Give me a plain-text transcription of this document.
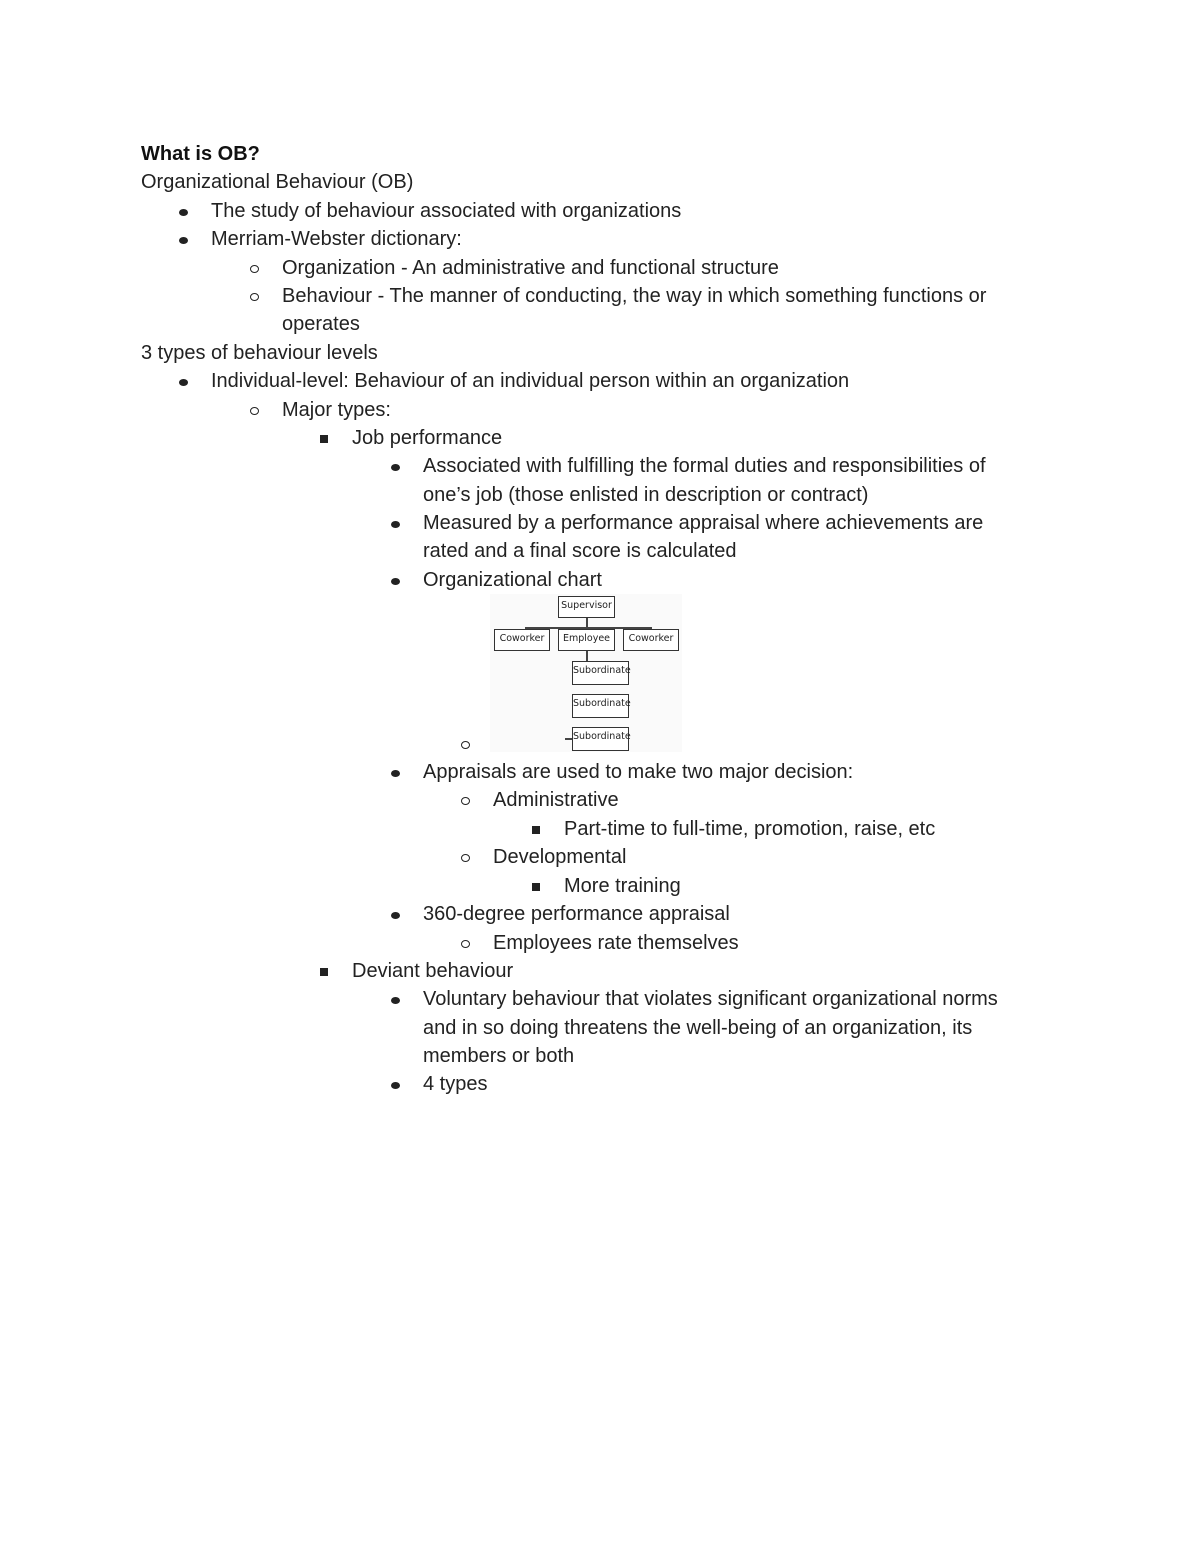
What is OB?
Organizational Behaviour (OB)
The study of behaviour associated with organizations
Merriam-Webster dictionary:
Organization - An administrative and functional structure
Behaviour - The manner of conducting, the way in which something functions or
operates
3 types of behaviour levels
Individual-level: Behaviour of an individual person within an organization
Major types:
Job performance
Associated with fulfilling the formal duties and responsibilities of
one’s job (those enlisted in description or contract)
Measured by a performance appraisal where achievements are
rated and a final score is calculated
Organizational chart
Supervisor
Coworker	Employee	Coworker
Subordinate
Subordinate
Subordinate
Appraisals are used to make two major decision:
Administrative
Part-time to full-time, promotion, raise, etc
Developmental
More training
360-degree performance appraisal
Employees rate themselves
Deviant behaviour
Voluntary behaviour that violates significant organizational norms
and in so doing threatens the well-being of an organization, its
members or both
4 types
